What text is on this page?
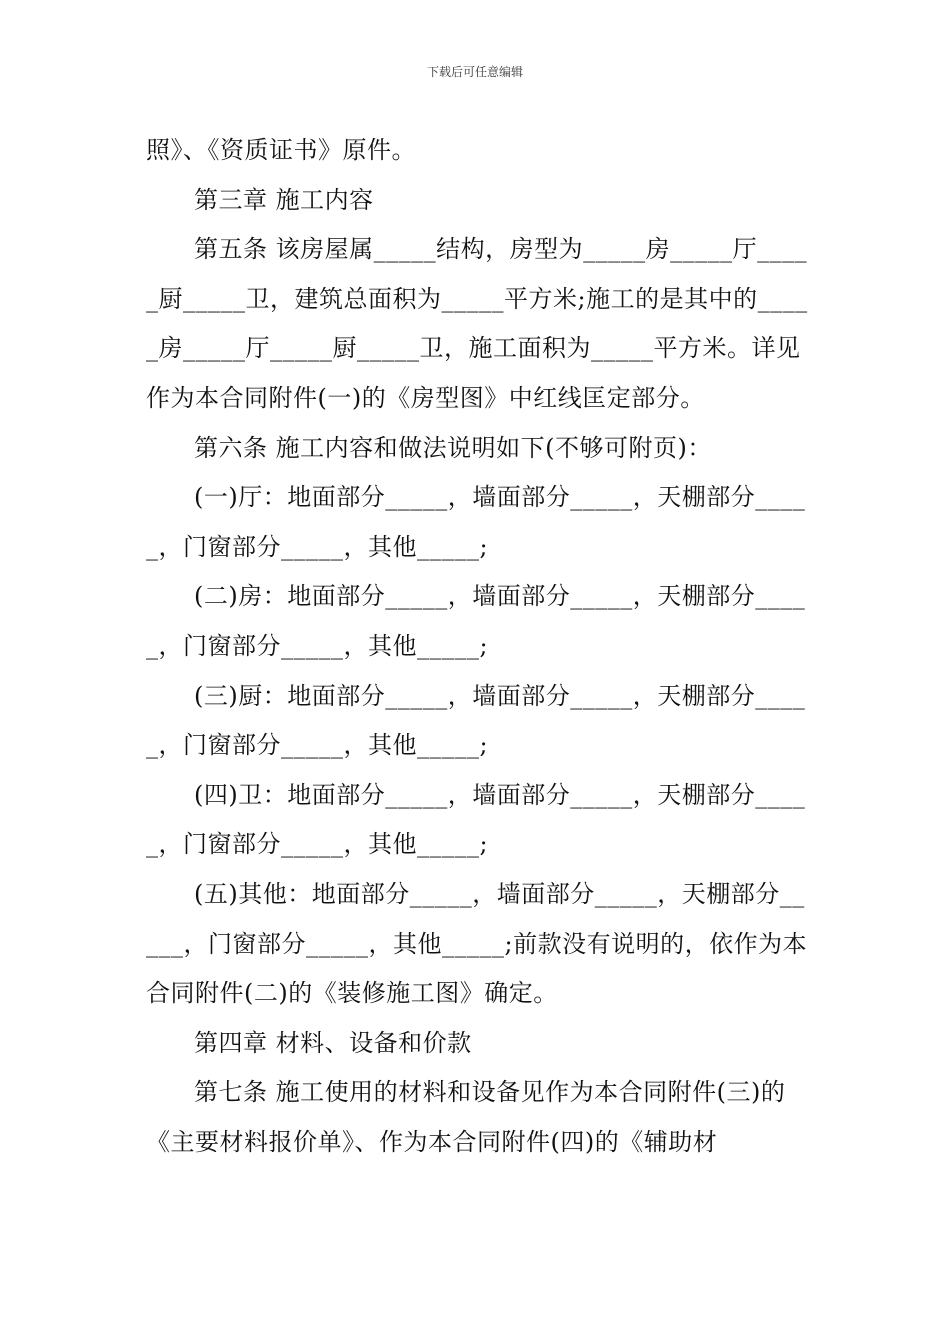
下载后可任意编辑

照》、《资质证书》原件。

第三章 施工内容

第五条 该房屋属_____结构，房型为_____房_____厅_____厨_____卫，建筑总面积为_____平方米;施工的是其中的_____房_____厅_____厨_____卫，施工面积为_____平方米。详见作为本合同附件(一)的《房型图》中红线匡定部分。

第六条 施工内容和做法说明如下(不够可附页)：

(一)厅：地面部分_____，墙面部分_____，天棚部分_____，门窗部分_____，其他_____;

(二)房：地面部分_____，墙面部分_____，天棚部分_____，门窗部分_____，其他_____;

(三)厨：地面部分_____，墙面部分_____，天棚部分_____，门窗部分_____，其他_____;

(四)卫：地面部分_____，墙面部分_____，天棚部分_____，门窗部分_____，其他_____;

(五)其他：地面部分_____，墙面部分_____，天棚部分_____，门窗部分_____，其他_____;前款没有说明的，依作为本合同附件(二)的《装修施工图》确定。

第四章 材料、设备和价款

第七条 施工使用的材料和设备见作为本合同附件(三)的《主要材料报价单》、作为本合同附件(四)的《辅助材
